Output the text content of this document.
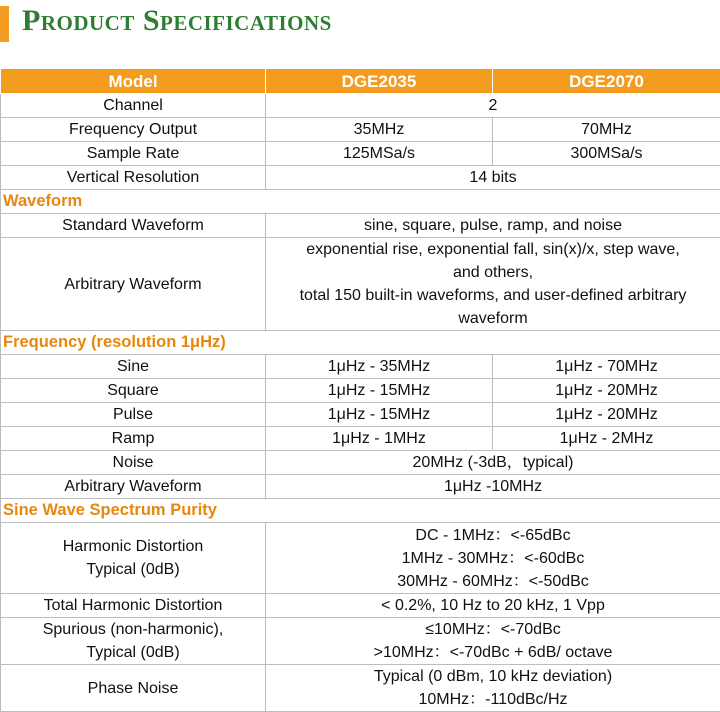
Product Specifications
Model	DGE2035	DGE2070
Channel	2	
Frequency Output	35MHz	70MHz
Sample Rate	125MSa/s	300MSa/s
Vertical Resolution	14 bits	
Waveform		
Standard Waveform	sine, square, pulse, ramp, and noise	
Arbitrary Waveform	exponential rise, exponential fall, sin(x)/x, step wave,
and others,
total 150 built-in waveforms, and user-defined arbitrary
waveform	

Frequency (resolution 1μHz)		
Sine	1μHz - 35MHz	1μHz - 70MHz
Square	1μHz - 15MHz	1μHz - 20MHz
Pulse	1μHz - 15MHz	1μHz - 20MHz
Ramp	1μHz - 1MHz	1μHz - 2MHz
Noise	20MHz (-3dB，typical)	
Arbitrary Waveform	1μHz -10MHz	
Sine Wave Spectrum Purity		

Harmonic Distortion
Typical (0dB)	DC - 1MHz：<-65dBc
1MHz - 30MHz：<-60dBc
30MHz - 60MHz：<-50dBc	

Total Harmonic Distortion	< 0.2%, 10 Hz to 20 kHz, 1 Vpp	

Spurious (non-harmonic),
Typical (0dB)	≤10MHz：<-70dBc
>10MHz：<-70dBc + 6dB/ octave	

Phase Noise	Typical (0 dBm, 10 kHz deviation)
10MHz：-110dBc/Hz	
